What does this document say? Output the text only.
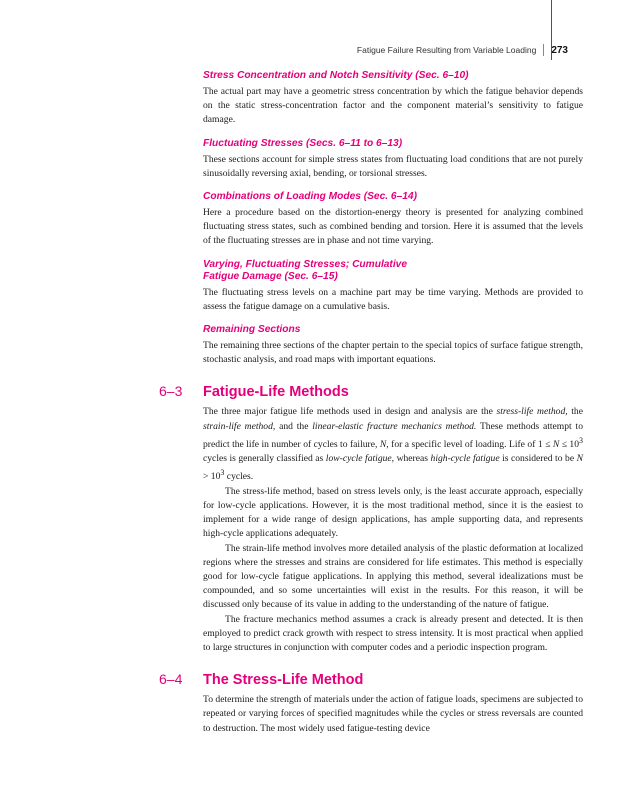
Fatigue Failure Resulting from Variable Loading 273
Stress Concentration and Notch Sensitivity (Sec. 6–10)

The actual part may have a geometric stress concentration by which the fatigue behavior depends on the static stress-concentration factor and the component material’s sensitivity to fatigue damage.

Fluctuating Stresses (Secs. 6–11 to 6–13)

These sections account for simple stress states from fluctuating load conditions that are not purely sinusoidally reversing axial, bending, or torsional stresses.

Combinations of Loading Modes (Sec. 6–14)

Here a procedure based on the distortion-energy theory is presented for analyzing combined fluctuating stress states, such as combined bending and torsion. Here it is assumed that the levels of the fluctuating stresses are in phase and not time varying.

Varying, Fluctuating Stresses; Cumulative
Fatigue Damage (Sec. 6–15)

The fluctuating stress levels on a machine part may be time varying. Methods are provided to assess the fatigue damage on a cumulative basis.

Remaining Sections

The remaining three sections of the chapter pertain to the special topics of surface fatigue strength, stochastic analysis, and road maps with important equations.

6–3 Fatigue-Life Methods

The three major fatigue life methods used in design and analysis are the stress-life method, the strain-life method, and the linear-elastic fracture mechanics method. These methods attempt to predict the life in number of cycles to failure, N, for a specific level of loading. Life of $1 \le N \le 10^3$ cycles is generally classified as low-cycle fatigue, whereas high-cycle fatigue is considered to be $N > 10^3$ cycles.

The stress-life method, based on stress levels only, is the least accurate approach, especially for low-cycle applications. However, it is the most traditional method, since it is the easiest to implement for a wide range of design applications, has ample supporting data, and represents high-cycle applications adequately.

The strain-life method involves more detailed analysis of the plastic deformation at localized regions where the stresses and strains are considered for life estimates. This method is especially good for low-cycle fatigue applications. In applying this method, several idealizations must be compounded, and so some uncertainties will exist in the results. For this reason, it will be discussed only because of its value in adding to the understanding of the nature of fatigue.

The fracture mechanics method assumes a crack is already present and detected. It is then employed to predict crack growth with respect to stress intensity. It is most practical when applied to large structures in conjunction with computer codes and a periodic inspection program.

6–4 The Stress-Life Method

To determine the strength of materials under the action of fatigue loads, specimens are subjected to repeated or varying forces of specified magnitudes while the cycles or stress reversals are counted to destruction. The most widely used fatigue-testing device
